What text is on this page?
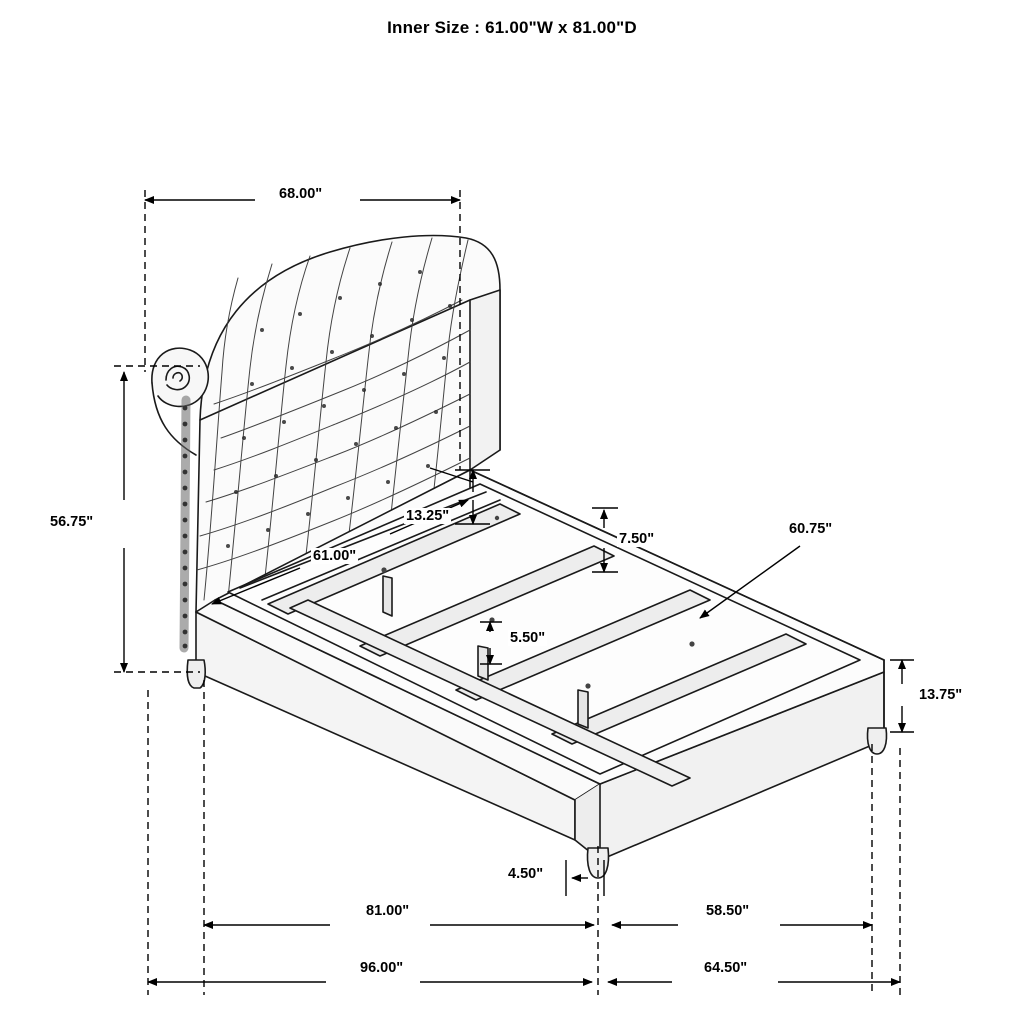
Inner Size : 61.00"W x 81.00"D
68.00"
56.75"	13.25"
61.00"
7.50"
60.75"
5.50"
13.75"
4.50"
81.00"	58.50"
96.00"	64.50"
